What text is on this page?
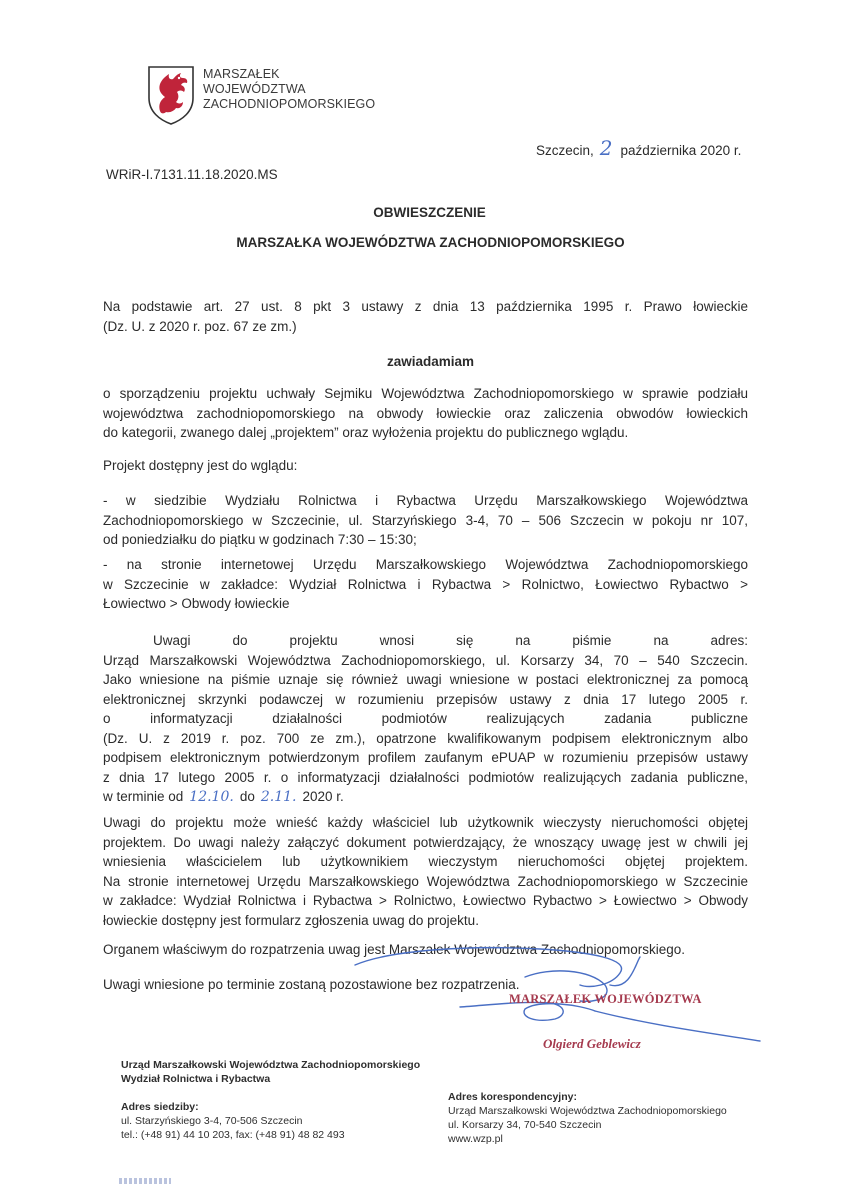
MARSZAŁEK
WOJEWÓDZTWA
ZACHODNIOPOMORSKIEGO
Szczecin, 2 października 2020 r.
WRiR-I.7131.11.18.2020.MS
OBWIESZCZENIE
MARSZAŁKA WOJEWÓDZTWA ZACHODNIOPOMORSKIEGO
Na podstawie art. 27 ust. 8 pkt 3 ustawy z dnia 13 października 1995 r. Prawo łowieckie
(Dz. U. z 2020 r. poz. 67 ze zm.)
zawiadamiam
o sporządzeniu projektu uchwały Sejmiku Województwa Zachodniopomorskiego w sprawie podziału
województwa zachodniopomorskiego na obwody łowieckie oraz zaliczenia obwodów łowieckich
do kategorii, zwanego dalej „projektem” oraz wyłożenia projektu do publicznego wglądu.
Projekt dostępny jest do wglądu:
- w siedzibie Wydziału Rolnictwa i Rybactwa Urzędu Marszałkowskiego Województwa
Zachodniopomorskiego w Szczecinie, ul. Starzyńskiego 3-4, 70 – 506 Szczecin w pokoju nr 107,
od poniedziałku do piątku w godzinach 7:30 – 15:30;
- na stronie internetowej Urzędu Marszałkowskiego Województwa Zachodniopomorskiego
w Szczecinie w zakładce: Wydział Rolnictwa i Rybactwa > Rolnictwo, Łowiectwo Rybactwo >
Łowiectwo > Obwody łowieckie
Uwagi do projektu wnosi się na piśmie na adres:
Urząd Marszałkowski Województwa Zachodniopomorskiego, ul. Korsarzy 34, 70 – 540 Szczecin.
Jako wniesione na piśmie uznaje się również uwagi wniesione w postaci elektronicznej za pomocą
elektronicznej skrzynki podawczej w rozumieniu przepisów ustawy z dnia 17 lutego 2005 r.
o informatyzacji działalności podmiotów realizujących zadania publiczne
(Dz. U. z 2019 r. poz. 700 ze zm.), opatrzone kwalifikowanym podpisem elektronicznym albo
podpisem elektronicznym potwierdzonym profilem zaufanym ePUAP w rozumieniu przepisów ustawy
z dnia 17 lutego 2005 r. o informatyzacji działalności podmiotów realizujących zadania publiczne,
w terminie od 12.10. do 2.11. 2020 r.
Uwagi do projektu może wnieść każdy właściciel lub użytkownik wieczysty nieruchomości objętej
projektem. Do uwagi należy załączyć dokument potwierdzający, że wnoszący uwagę jest w chwili jej
wniesienia właścicielem lub użytkownikiem wieczystym nieruchomości objętej projektem.
Na stronie internetowej Urzędu Marszałkowskiego Województwa Zachodniopomorskiego w Szczecinie
w zakładce: Wydział Rolnictwa i Rybactwa > Rolnictwo, Łowiectwo Rybactwo > Łowiectwo > Obwody
łowieckie dostępny jest formularz zgłoszenia uwag do projektu.
Organem właściwym do rozpatrzenia uwag jest Marszałek Województwa Zachodniopomorskiego.
Uwagi wniesione po terminie zostaną pozostawione bez rozpatrzenia.
MARSZAŁEK WOJEWÓDZTWA
Olgierd Geblewicz
Urząd Marszałkowski Województwa Zachodniopomorskiego
Wydział Rolnictwa i Rybactwa
Adres siedziby:
ul. Starzyńskiego 3-4, 70-506 Szczecin
tel.: (+48 91) 44 10 203, fax: (+48 91) 48 82 493
Adres korespondencyjny:
Urząd Marszałkowski Województwa Zachodniopomorskiego
ul. Korsarzy 34, 70-540 Szczecin
www.wzp.pl
